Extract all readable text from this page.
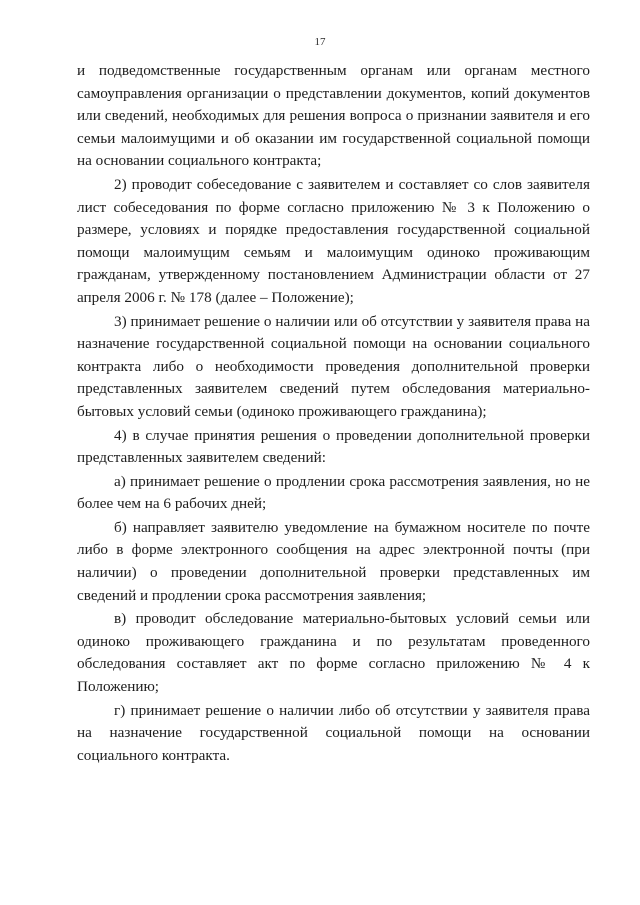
17

и подведомственные государственным органам или органам местного самоуправления организации о представлении документов, копий документов или сведений, необходимых для решения вопроса о признании заявителя и его семьи малоимущими и об оказании им государственной социальной помощи на основании социального контракта;

2) проводит собеседование с заявителем и составляет со слов заявителя лист собеседования по форме согласно приложению № 3 к Положению о размере, условиях и порядке предоставления государственной социальной помощи малоимущим семьям и малоимущим одиноко проживающим гражданам, утвержденному постановлением Администрации области от 27 апреля 2006 г. № 178 (далее – Положение);

3) принимает решение о наличии или об отсутствии у заявителя права на назначение государственной социальной помощи на основании социального контракта либо о необходимости проведения дополнительной проверки представленных заявителем сведений путем обследования материально-бытовых условий семьи (одиноко проживающего гражданина);

4) в случае принятия решения о проведении дополнительной проверки представленных заявителем сведений:

а) принимает решение о продлении срока рассмотрения заявления, но не более чем на 6 рабочих дней;

б) направляет заявителю уведомление на бумажном носителе по почте либо в форме электронного сообщения на адрес электронной почты (при наличии) о проведении дополнительной проверки представленных им сведений и продлении срока рассмотрения заявления;

в) проводит обследование материально-бытовых условий семьи или одиноко проживающего гражданина и по результатам проведенного обследования составляет акт по форме согласно приложению № 4 к Положению;

г) принимает решение о наличии либо об отсутствии у заявителя права на назначение государственной социальной помощи на основании социального контракта.
